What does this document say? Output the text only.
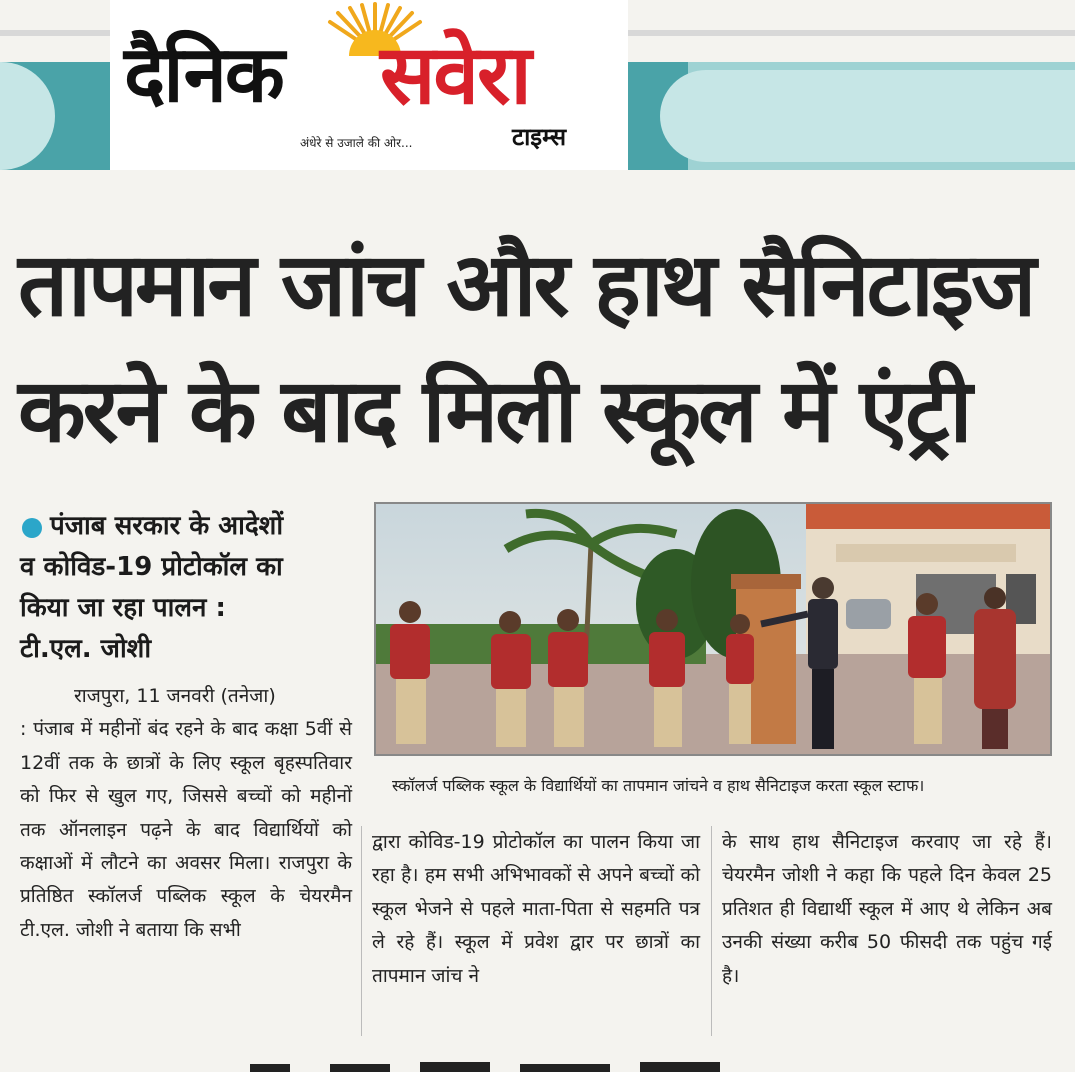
दैनिक सवेरा
अंधेरे से उजाले की ओर...	टाइम्स
तापमान जांच और हाथ सैनिटाइज
करने के बाद मिली स्कूल में एंट्री
पंजाब सरकार के आदेशों
व कोविड-19 प्रोटोकॉल का
किया जा रहा पालन :
टी.एल. जोशी
स्कॉलर्ज पब्लिक स्कूल के विद्यार्थियों का तापमान जांचने व हाथ सैनिटाइज करता स्कूल स्टाफ।
राजपुरा, 11 जनवरी (तनेजा)
: पंजाब में महीनों बंद रहने के बाद कक्षा 5वीं से 12वीं तक के छात्रों के लिए स्कूल बृहस्पतिवार को फिर से खुल गए, जिससे बच्चों को महीनों तक ऑनलाइन पढ़ने के बाद विद्यार्थियों को कक्षाओं में लौटने का अवसर मिला। राजपुरा के प्रतिष्ठित स्कॉलर्ज पब्लिक स्कूल के चेयरमैन टी.एल. जोशी ने बताया कि सभी
द्वारा कोविड-19 प्रोटोकॉल का पालन किया जा रहा है। हम सभी अभिभावकों से अपने बच्चों को स्कूल भेजने से पहले माता-पिता से सहमति पत्र ले रहे हैं। स्कूल में प्रवेश द्वार पर छात्रों का तापमान जांच ने
के साथ हाथ सैनिटाइज करवाए जा रहे हैं। चेयरमैन जोशी ने कहा कि पहले दिन केवल 25 प्रतिशत ही विद्यार्थी स्कूल में आए थे लेकिन अब उनकी संख्या करीब 50 फीसदी तक पहुंच गई है।
